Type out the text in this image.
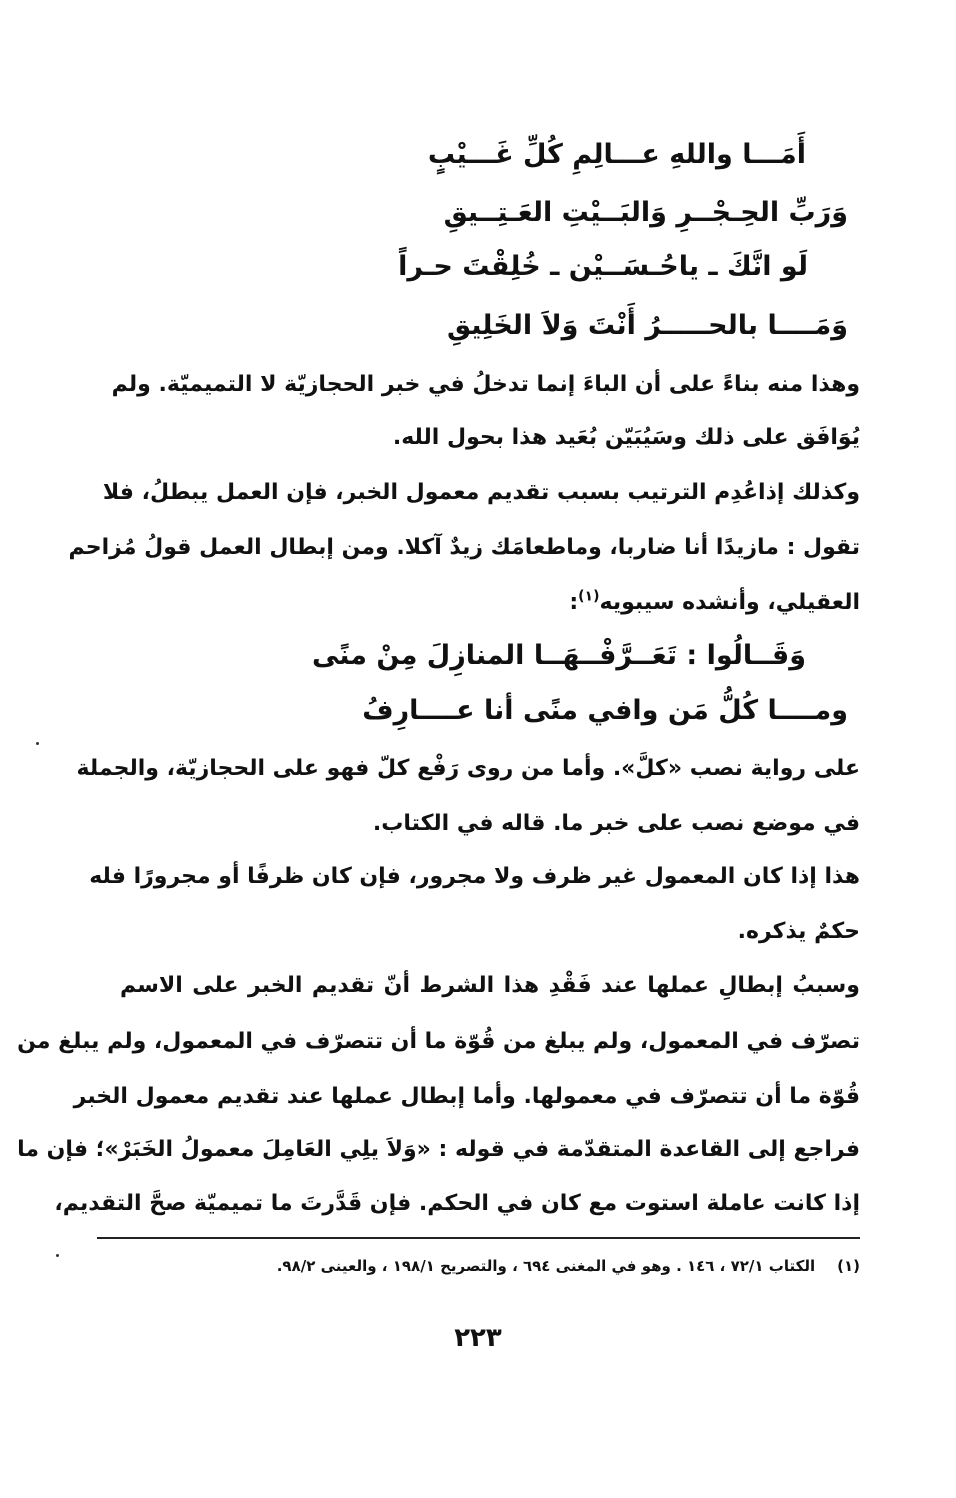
أَمَـــا واللهِ عـــالِمِ كُلِّ غَـــيْبٍ
وَرَبِّ الحِـجْــرِ وَالبَــيْتِ العَـتِــيقِ
لَو انَّكَ ـ ياحُـسَــيْن ـ خُلِقْتَ حـراً
وَمَــــا بالحـــــرُ أَنْتَ وَلاَ الخَلِيقِ
وهذا منه بناءً على أن الباءَ إنما تدخلُ في خبر الحجازيّة لا التميميّة. ولم
يُوَافَق على ذلك وسَيُبَيّن بُعَيد هذا بحول الله.
وكذلك إذاعُدِم الترتيب بسبب تقديم معمول الخبر، فإن العمل يبطلُ، فلا
تقول : مازيدًا أنا ضاربا، وماطعامَك زيدٌ آكلا. ومن إبطال العمل قولُ مُزاحم
العقيلي، وأنشده سيبويه$^{(١)}$:
وَقَــالُوا : تَعَــرَّفْــهَــا المنازِلَ مِنْ منًى
ومــــا كُلُّ مَن وافي منًى أنا عــــارِفُ
على رواية نصب «كلَّ». وأما من روى رَفْع كلّ فهو على الحجازيّة، والجملة
في موضع نصب على خبر ما. قاله في الكتاب.
هذا إذا كان المعمول غير ظرف ولا مجرور، فإن كان ظرفًا أو مجرورًا فله
حكمٌ يذكره.
وسببُ إبطالِ عملها عند فَقْدِ هذا الشرط أنّ تقديم الخبر على الاسم
تصرّف في المعمول، ولم يبلغ من قُوّة ما أن تتصرّف في المعمول، ولم يبلغ من
قُوّة ما أن تتصرّف في معمولها. وأما إبطال عملها عند تقديم معمول الخبر
فراجع إلى القاعدة المتقدّمة في قوله : «وَلاَ يلِي العَامِلَ معمولُ الخَبَرْ»؛ فإن ما
إذا كانت عاملة استوت مع كان في الحكم. فإن قَدَّرتَ ما تميميّة صحَّ التقديم،
(١)الكتاب ٧٢/١ ، ١٤٦ . وهو في المغنى ٦٩٤ ، والتصريح ١٩٨/١ ، والعينى ٩٨/٢.
٢٢٣
